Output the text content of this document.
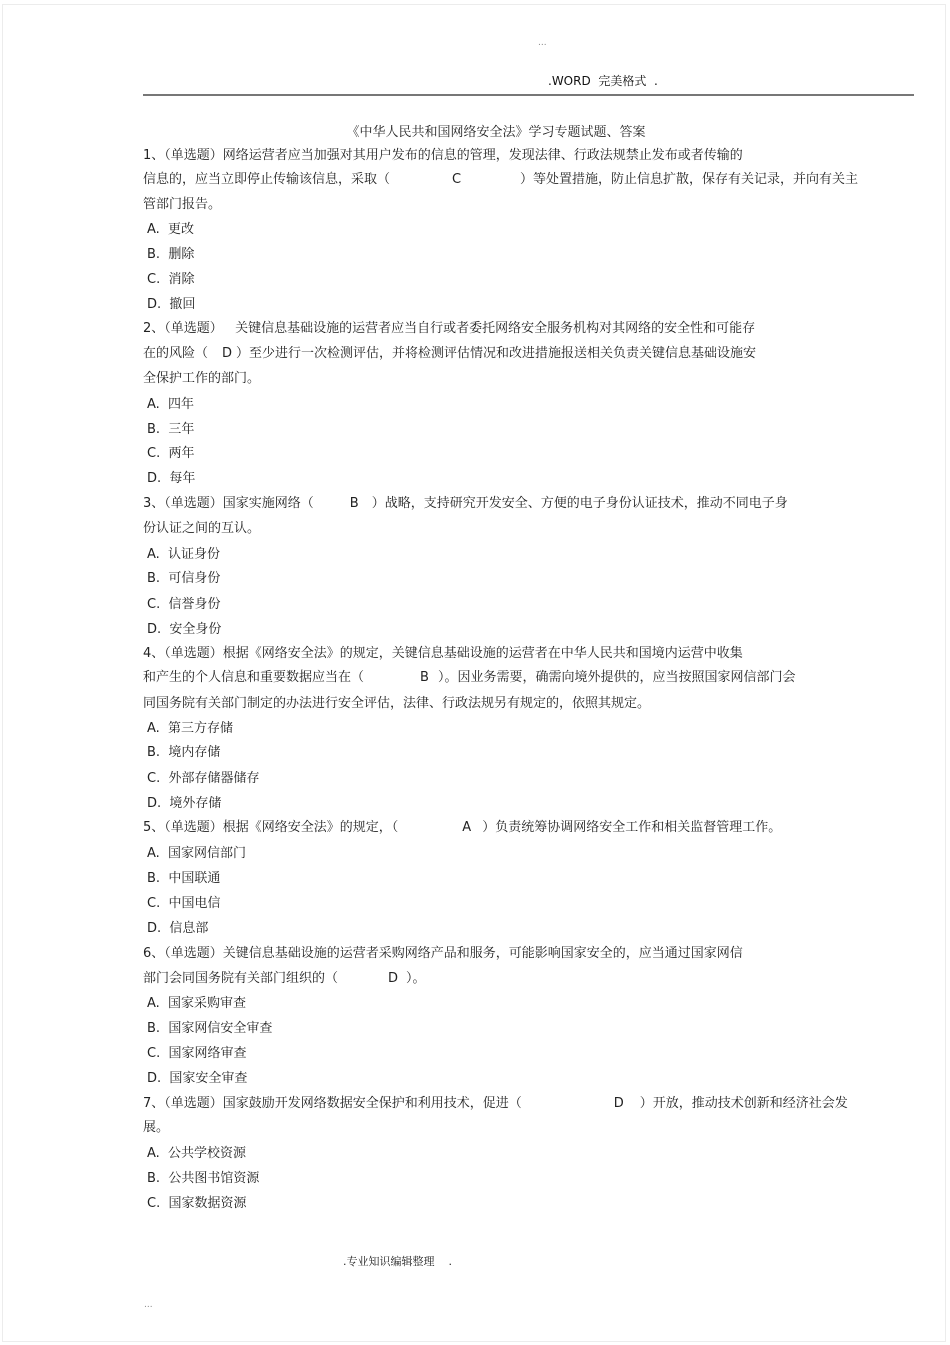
...
.WORD  完美格式  .
《中华人民共和国网络安全法》学习专题试题、答案
1、（单选题）网络运营者应当加强对其用户发布的信息的管理，发现法律、行政法规禁止发布或者传输的
信息的，应当立即停止传输该信息，采取（	C	）等处置措施，防止信息扩散，保存有关记录，并向有关主
管部门报告。
A.  更改
B.  删除
C.  消除
D.  撤回
2、（单选题）   关键信息基础设施的运营者应当自行或者委托网络安全服务机构对其网络的安全性和可能存
在的风险（ D ）至少进行一次检测评估，并将检测评估情况和改进措施报送相关负责关键信息基础设施安
全保护工作的部门。
A.  四年
B.  三年
C.  两年
D.  每年
3、（单选题）国家实施网络（	B ）战略，支持研究开发安全、方便的电子身份认证技术，推动不同电子身
份认证之间的互认。
A.  认证身份
B.  可信身份
C.  信誉身份
D.  安全身份
4、（单选题）根据《网络安全法》的规定，关键信息基础设施的运营者在中华人民共和国境内运营中收集
和产生的个人信息和重要数据应当在（	B ）。因业务需要，确需向境外提供的，应当按照国家网信部门会
同国务院有关部门制定的办法进行安全评估，法律、行政法规另有规定的，依照其规定。
A.  第三方存储
B.  境内存储
C.  外部存储器储存
D.  境外存储
5、（单选题）根据《网络安全法》的规定，（	A ）负责统筹协调网络安全工作和相关监督管理工作。
A.  国家网信部门
B.  中国联通
C.  中国电信
D.  信息部
6、（单选题）关键信息基础设施的运营者采购网络产品和服务，可能影响国家安全的，应当通过国家网信
部门会同国务院有关部门组织的（	D ）。
A.  国家采购审查
B.  国家网信安全审查
C.  国家网络审查
D.  国家安全审查
7、（单选题）国家鼓励开发网络数据安全保护和利用技术，促进（	D ）开放，推动技术创新和经济社会发
展。
A.  公共学校资源
B.  公共图书馆资源
C.  国家数据资源
.专业知识编辑整理    .
...
